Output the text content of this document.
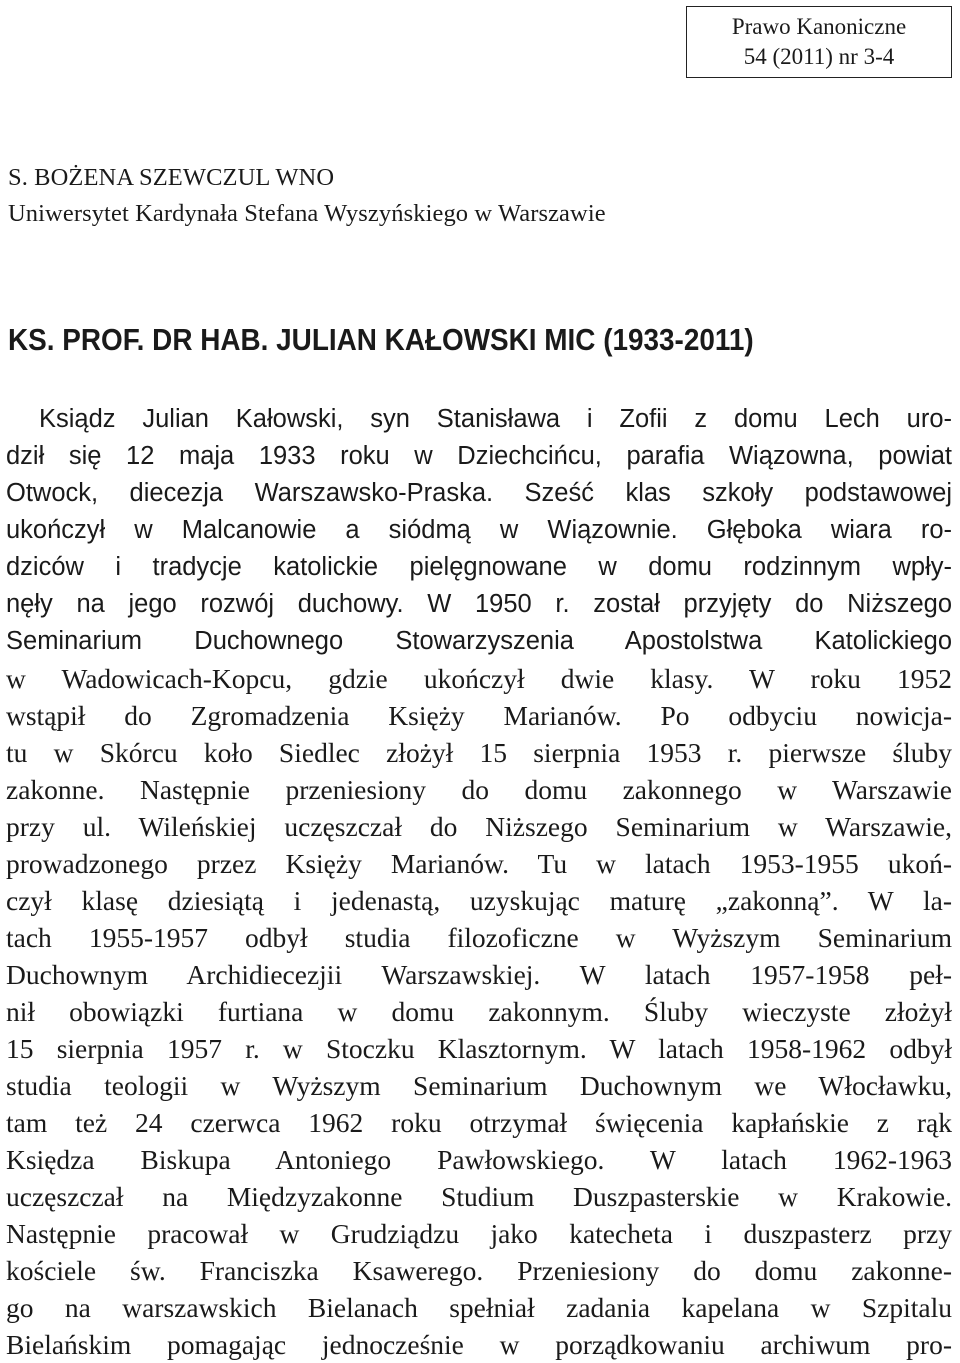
Prawo Kanoniczne
54 (2011) nr 3-4
S. BOŻENA SZEWCZUL WNO
Uniwersytet Kardynała Stefana Wyszyńskiego w Warszawie
KS. PROF. DR HAB. JULIAN KAŁOWSKI MIC (1933-2011)
Ksiądz Julian Kałowski, syn Stanisława i Zofii z domu Lech uro-
dził się 12 maja 1933 roku w Dziechcińcu, parafia Wiązowna, powiat
Otwock, diecezja Warszawsko-Praska. Sześć klas szkoły podstawowej
ukończył w Malcanowie a siódmą w Wiązownie. Głęboka wiara ro-
dziców i tradycje katolickie pielęgnowane w domu rodzinnym wpły-
nęły na jego rozwój duchowy. W 1950 r. został przyjęty do Niższego
Seminarium Duchownego Stowarzyszenia Apostolstwa Katolickiego
w Wadowicach-Kopcu, gdzie ukończył dwie klasy. W roku 1952
wstąpił do Zgromadzenia Księży Marianów. Po odbyciu nowicja-
tu w Skórcu koło Siedlec złożył 15 sierpnia 1953 r. pierwsze śluby
zakonne. Następnie przeniesiony do domu zakonnego w Warszawie
przy ul. Wileńskiej uczęszczał do Niższego Seminarium w Warszawie,
prowadzonego przez Księży Marianów. Tu w latach 1953-1955 ukoń-
czył klasę dziesiątą i jedenastą, uzyskując maturę „zakonną”. W la-
tach 1955-1957 odbył studia filozoficzne w Wyższym Seminarium
Duchownym Archidiecezjii Warszawskiej. W latach 1957-1958 peł-
nił obowiązki furtiana w domu zakonnym. Śluby wieczyste złożył
15 sierpnia 1957 r. w Stoczku Klasztornym. W latach 1958-1962 odbył
studia teologii w Wyższym Seminarium Duchownym we Włocławku,
tam też 24 czerwca 1962 roku otrzymał święcenia kapłańskie z rąk
Księdza Biskupa Antoniego Pawłowskiego. W latach 1962-1963
uczęszczał na Międzyzakonne Studium Duszpasterskie w Krakowie.
Następnie pracował w Grudziądzu jako katecheta i duszpasterz przy
kościele św. Franciszka Ksawerego. Przeniesiony do domu zakonne-
go na warszawskich Bielanach spełniał zadania kapelana w Szpitalu
Bielańskim pomagając jednocześnie w porządkowaniu archiwum pro-
